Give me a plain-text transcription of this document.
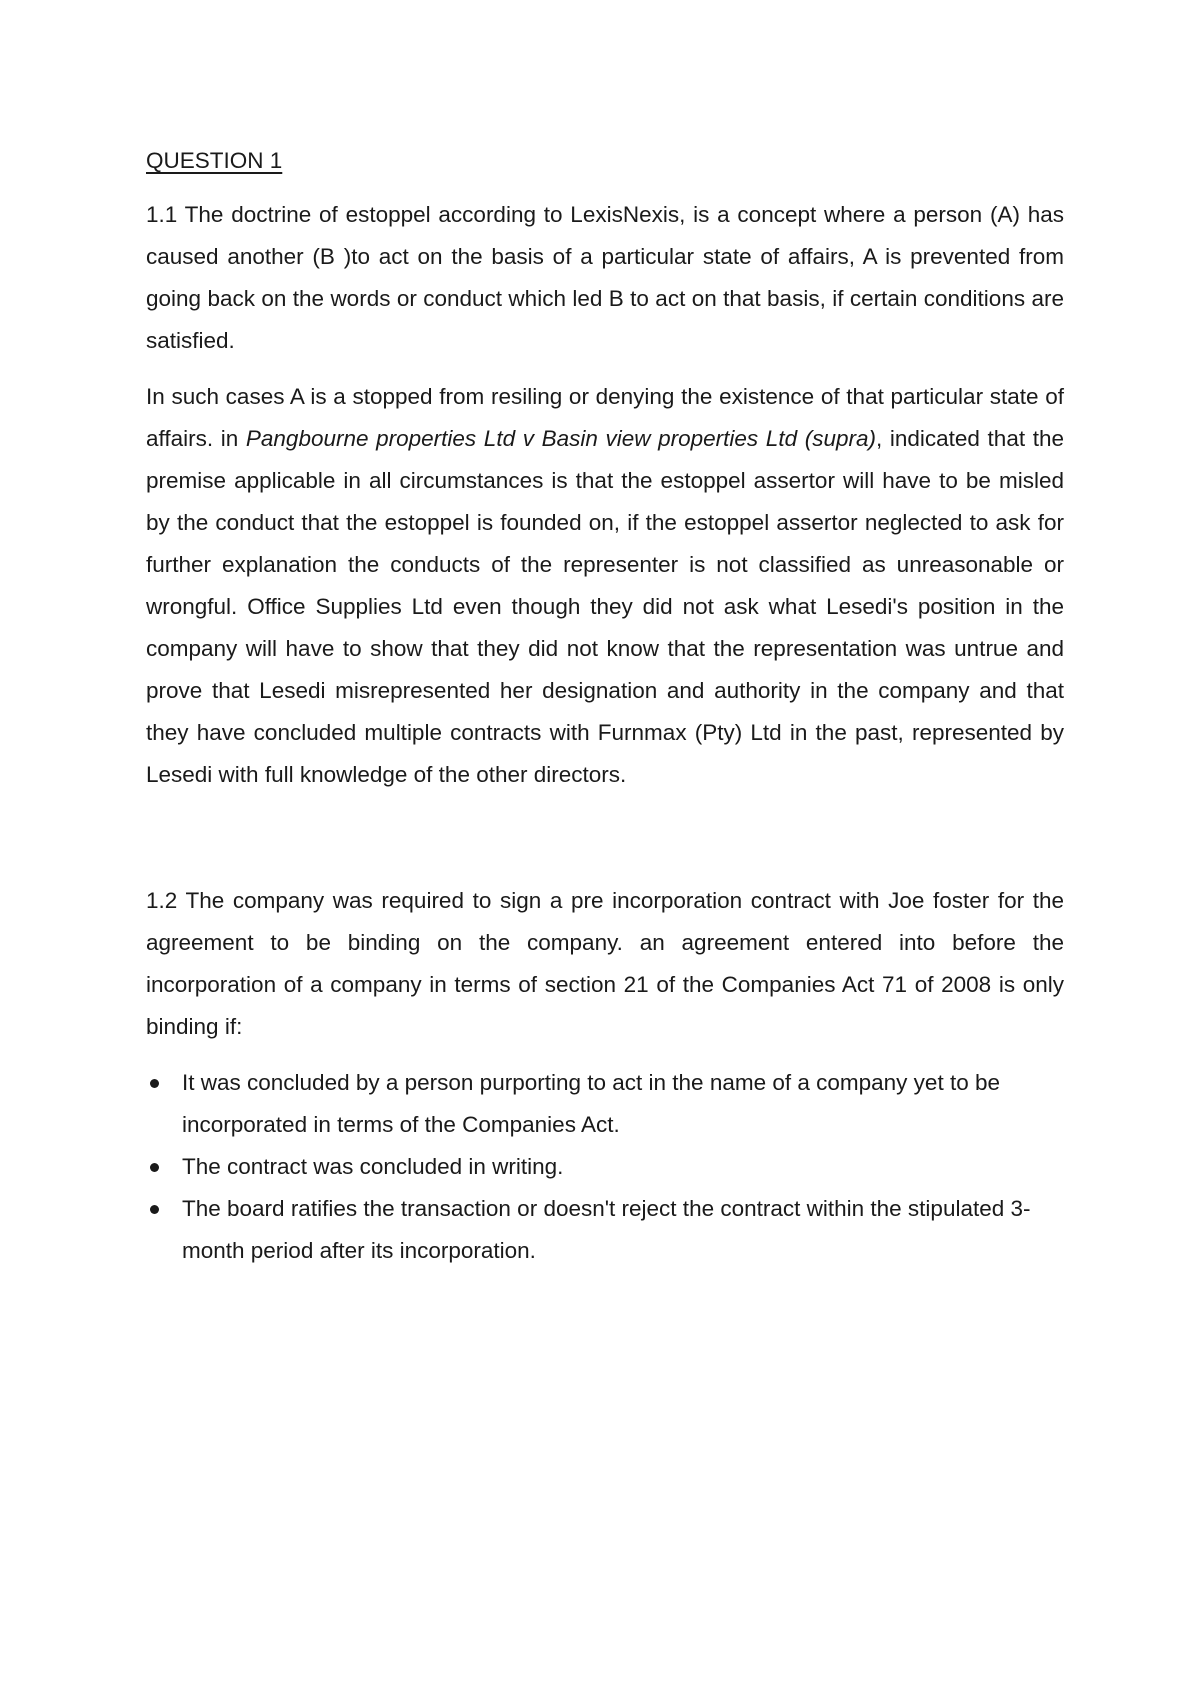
QUESTION 1

1.1 The doctrine of estoppel according to LexisNexis, is a concept where a person (A) has caused another (B )to act on the basis of a particular state of affairs, A is prevented from going back on the words or conduct which led B to act on that basis, if certain conditions are satisfied.

In such cases A is a stopped from resiling or denying the existence of that particular state of affairs. in Pangbourne properties Ltd v Basin view properties Ltd (supra), indicated that the premise applicable in all circumstances is that the estoppel assertor will have to be misled by the conduct that the estoppel is founded on, if the estoppel assertor neglected to ask for further explanation the conducts of the representer is not classified as unreasonable or wrongful. Office Supplies Ltd even though they did not ask what Lesedi's position in the company will have to show that they did not know that the representation was untrue and prove that Lesedi misrepresented her designation and authority in the company and that they have concluded multiple contracts with Furnmax (Pty) Ltd in the past, represented by Lesedi with full knowledge of the other directors.

1.2 The company was required to sign a pre incorporation contract with Joe foster for the agreement to be binding on the company. an agreement entered into before the incorporation of a company in terms of section 21 of the Companies Act 71 of 2008 is only binding if:

It was concluded by a person purporting to act in the name of a company yet to be incorporated in terms of the Companies Act.
The contract was concluded in writing.
The board ratifies the transaction or doesn't reject the contract within the stipulated 3-month period after its incorporation.
